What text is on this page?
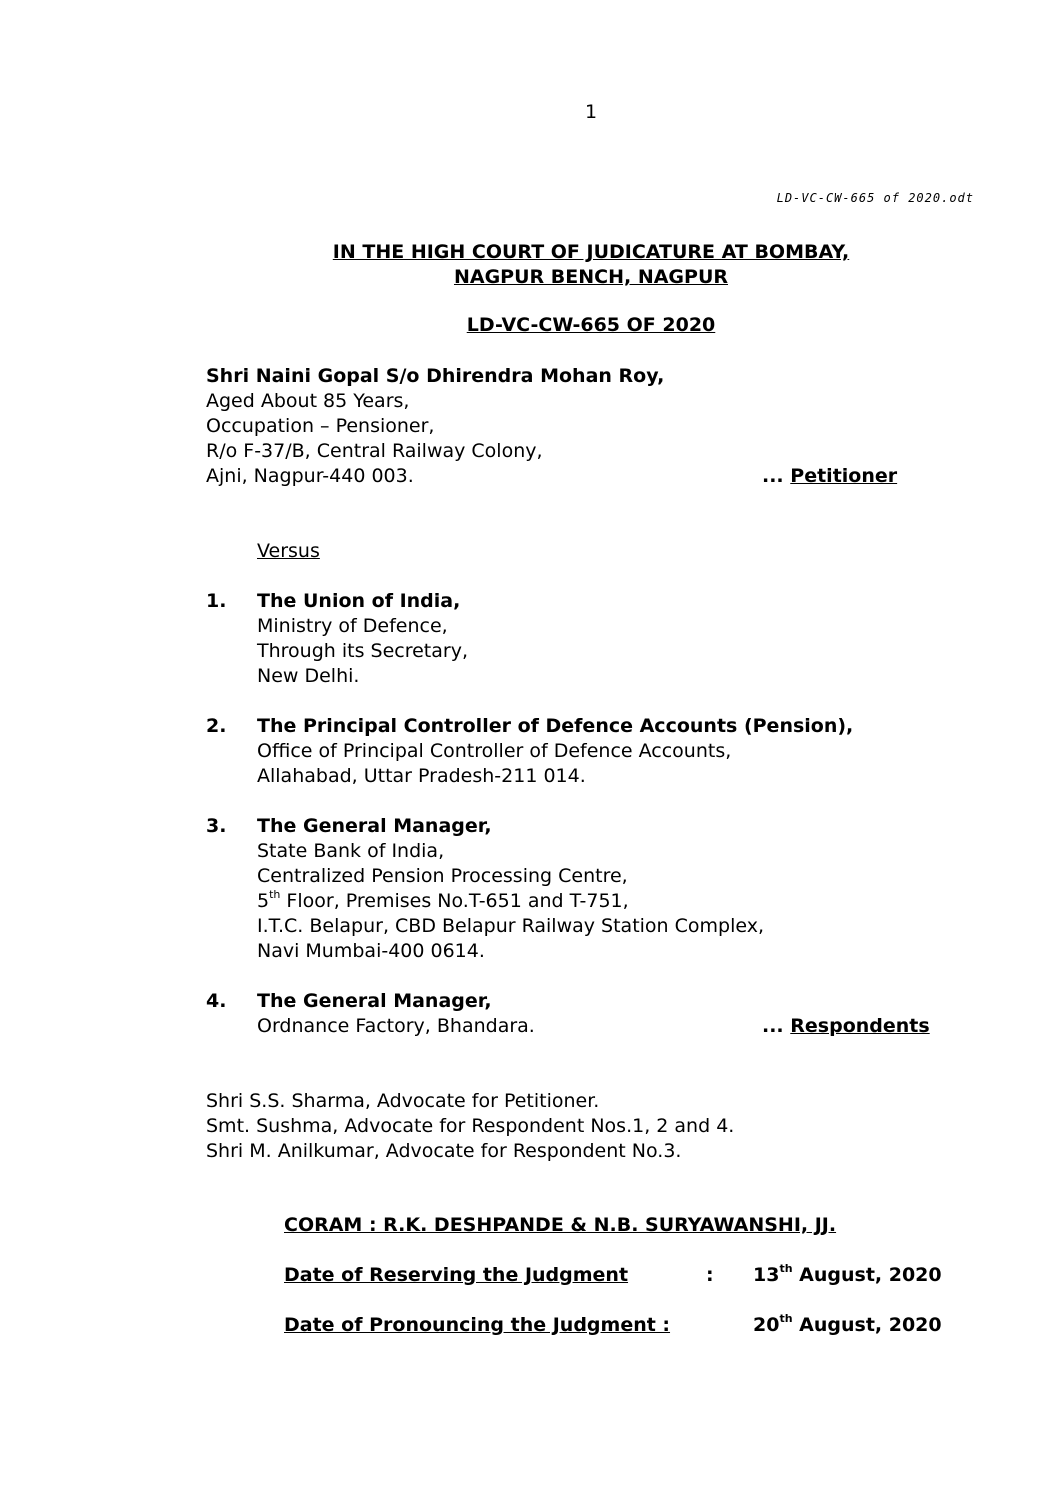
1
LD-VC-CW-665 of 2020.odt
IN THE HIGH COURT OF JUDICATURE AT BOMBAY,
NAGPUR BENCH, NAGPUR
LD-VC-CW-665 OF 2020
Shri Naini Gopal S/o Dhirendra Mohan Roy,
Aged About 85 Years,
Occupation – Pensioner,
R/o F-37/B, Central Railway Colony,
Ajni, Nagpur-440 003.	... Petitioner
Versus
1. The Union of India,
Ministry of Defence,
Through its Secretary,
New Delhi.
2. The Principal Controller of Defence Accounts (Pension),
Office of Principal Controller of Defence Accounts,
Allahabad, Uttar Pradesh-211 014.
3. The General Manager,
State Bank of India,
Centralized Pension Processing Centre,
5th Floor, Premises No.T-651 and T-751,
I.T.C. Belapur, CBD Belapur Railway Station Complex,
Navi Mumbai-400 0614.
4. The General Manager,
Ordnance Factory, Bhandara.	... Respondents
Shri S.S. Sharma, Advocate for Petitioner.
Smt. Sushma, Advocate for Respondent Nos.1, 2 and 4.
Shri M. Anilkumar, Advocate for Respondent No.3.
CORAM : R.K. DESHPANDE & N.B. SURYAWANSHI, JJ.
Date of Reserving the Judgment	: 13th August, 2020
Date of Pronouncing the Judgment :	20th August, 2020
